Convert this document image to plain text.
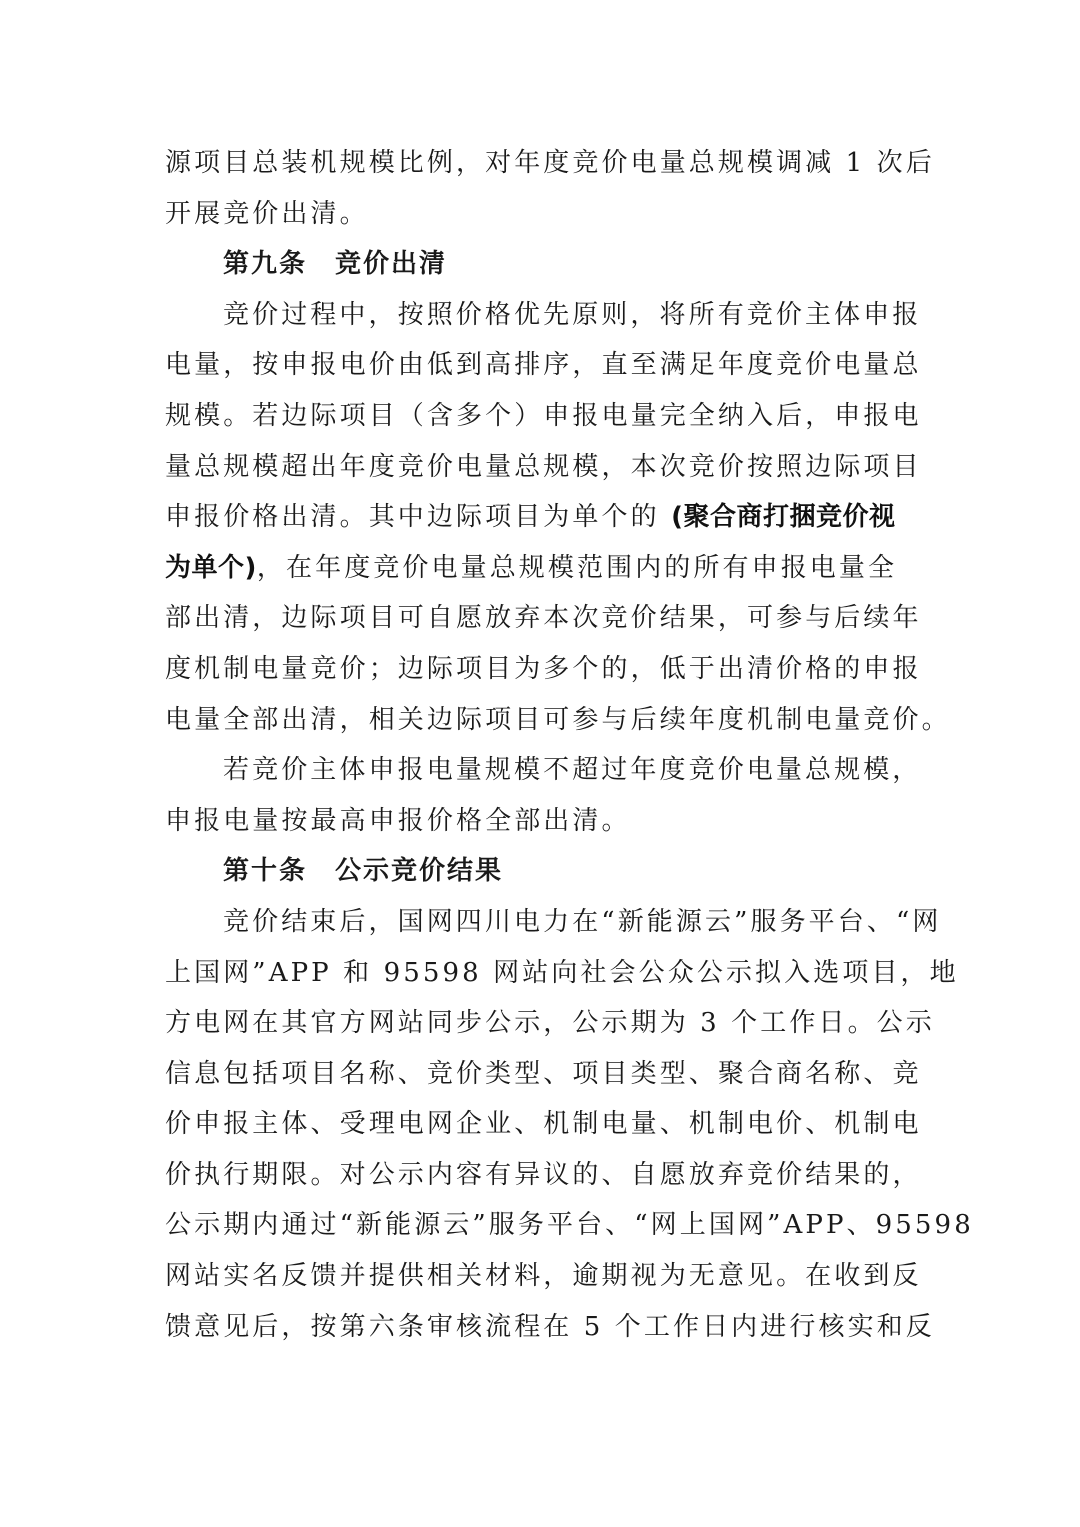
源项目总装机规模比例，对年度竞价电量总规模调减 1 次后
开展竞价出清。
第九条 竞价出清
竞价过程中，按照价格优先原则，将所有竞价主体申报
电量，按申报电价由低到高排序，直至满足年度竞价电量总
规模。若边际项目（含多个）申报电量完全纳入后，申报电
量总规模超出年度竞价电量总规模，本次竞价按照边际项目
申报价格出清。其中边际项目为单个的 (聚合商打捆竞价视
为单个)，在年度竞价电量总规模范围内的所有申报电量全
部出清，边际项目可自愿放弃本次竞价结果，可参与后续年
度机制电量竞价；边际项目为多个的，低于出清价格的申报
电量全部出清，相关边际项目可参与后续年度机制电量竞价。
若竞价主体申报电量规模不超过年度竞价电量总规模，
申报电量按最高申报价格全部出清。
第十条 公示竞价结果
竞价结束后，国网四川电力在“新能源云”服务平台、“网
上国网”APP 和 95598 网站向社会公众公示拟入选项目，地
方电网在其官方网站同步公示，公示期为 3 个工作日。公示
信息包括项目名称、竞价类型、项目类型、聚合商名称、竞
价申报主体、受理电网企业、机制电量、机制电价、机制电
价执行期限。对公示内容有异议的、自愿放弃竞价结果的，
公示期内通过“新能源云”服务平台、“网上国网”APP、95598
网站实名反馈并提供相关材料，逾期视为无意见。在收到反
馈意见后，按第六条审核流程在 5 个工作日内进行核实和反
